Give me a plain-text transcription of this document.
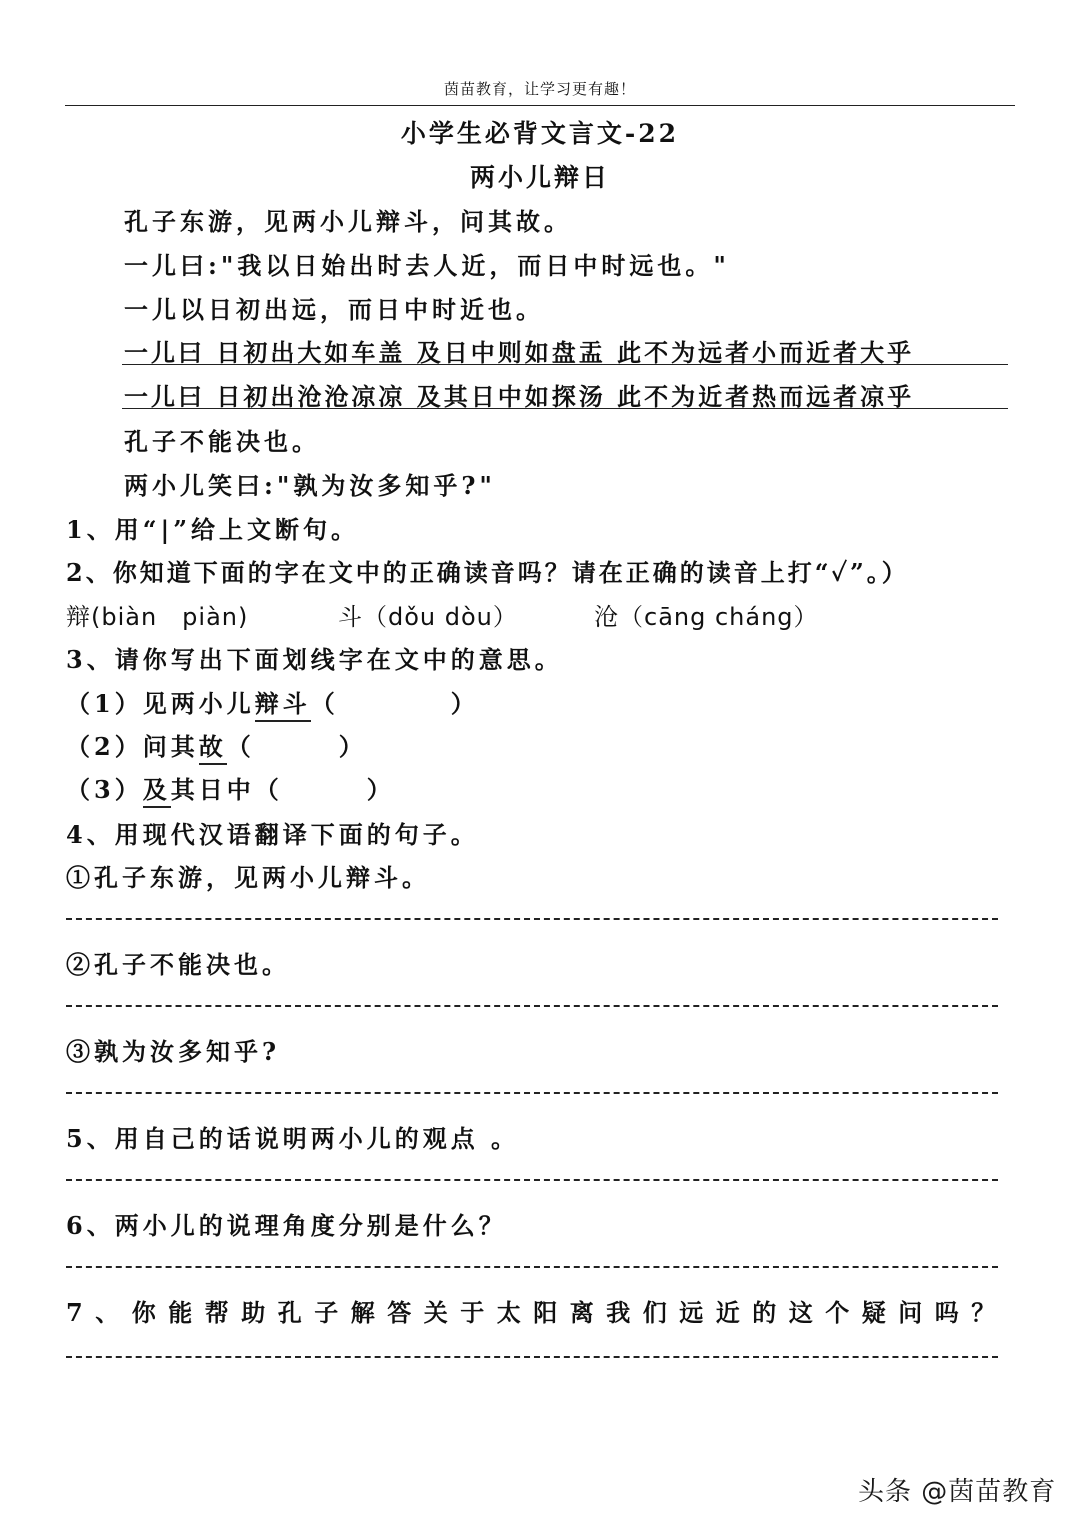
茵苗教育，让学习更有趣！
小学生必背文言文-22
两小儿辩日
孔子东游，见两小儿辩斗，问其故。
一儿曰:"我以日始出时去人近，而日中时远也。"
一儿以日初出远，而日中时近也。
一儿曰 日初出大如车盖 及日中则如盘盂 此不为远者小而近者大乎
一儿曰 日初出沧沧凉凉 及其日中如探汤 此不为近者热而远者凉乎
孔子不能决也。
两小儿笑曰:"孰为汝多知乎?"
1、用“|”给上文断句。
2、你知道下面的字在文中的正确读音吗？请在正确的读音上打“✓”。）
辩(biàn　piàn)	斗（dǒu dòu）	沧（cāng cháng）
3、请你写出下面划线字在文中的意思。
（1）见两小儿辩斗（　　　　）
（2）问其故（　　　）
（3）及其日中（　　　）
4、用现代汉语翻译下面的句子。
①孔子东游，见两小儿辩斗。
②孔子不能决也。
③孰为汝多知乎?
5、用自己的话说明两小儿的观点 。
6、两小儿的说理角度分别是什么？
7、你能帮助孔子解答关于太阳离我们远近的这个疑问吗？
头条 @茵苗教育
